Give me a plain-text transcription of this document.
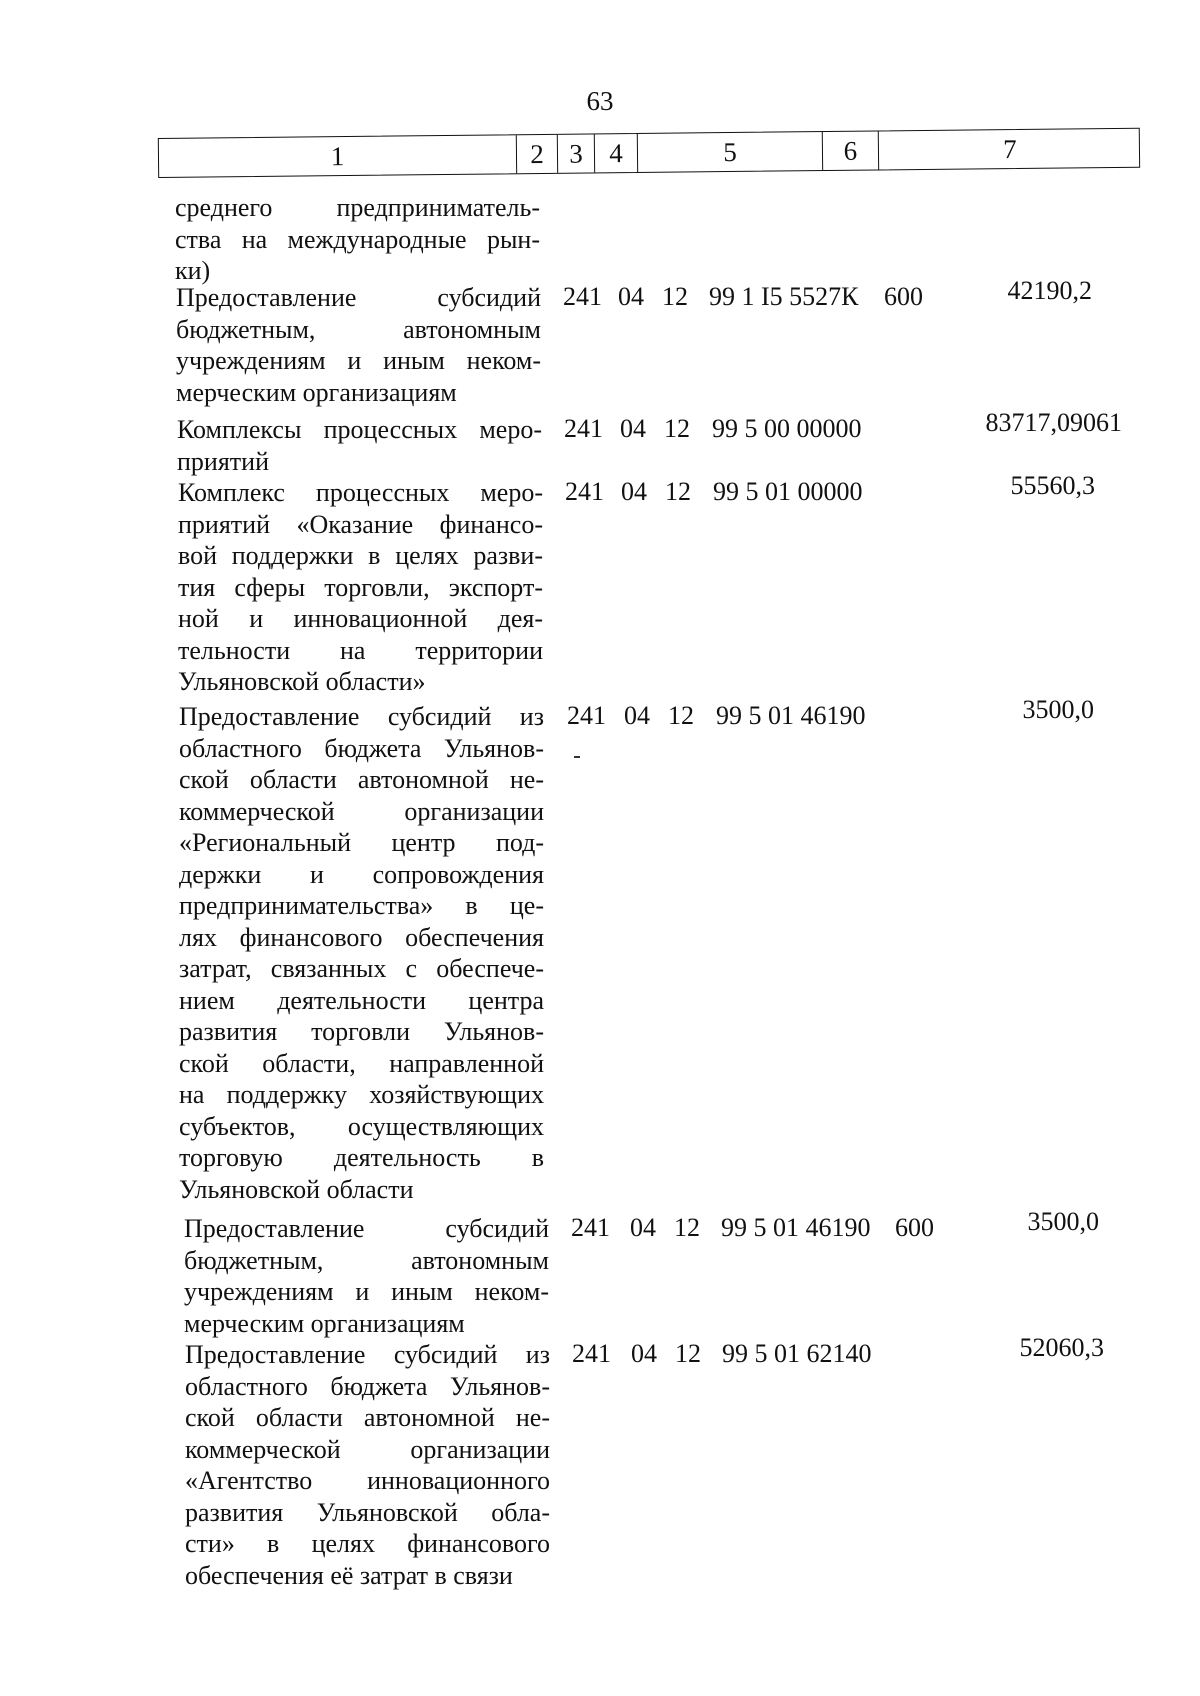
63
1	2 3 4	5	6	7
среднего предприниматель-
ства на международные рын-
ки)
Предоставление субсидий
бюджетным, автономным
учреждениям и иным неком-
мерческим организациям
241 04 12 99 1 I5 5527К 600	42190,2
Комплексы процессных меро-
приятий
241 04 12 99 5 00 00000	83717,09061
Комплекс процессных меро-
приятий «Оказание финансо-
вой поддержки в целях разви-
тия сферы торговли, экспорт-
ной и инновационной дея-
тельности на территории
Ульяновской области»
241 04 12 99 5 01 00000	55560,3
Предоставление субсидий из
областного бюджета Ульянов-
ской области автономной не-
коммерческой организации
«Региональный центр под-
держки и сопровождения
предпринимательства» в це-
лях финансового обеспечения
затрат, связанных с обеспече-
нием деятельности центра
развития торговли Ульянов-
ской области, направленной
на поддержку хозяйствующих
субъектов, осуществляющих
торговую деятельность в
Ульяновской области
241 04 12 99 5 01 46190	3500,0
Предоставление субсидий
бюджетным, автономным
учреждениям и иным неком-
мерческим организациям
241 04 12 99 5 01 46190 600	3500,0
Предоставление субсидий из
областного бюджета Ульянов-
ской области автономной не-
коммерческой организации
«Агентство инновационного
развития Ульяновской обла-
сти» в целях финансового
обеспечения её затрат в связи
241 04 12 99 5 01 62140	52060,3
